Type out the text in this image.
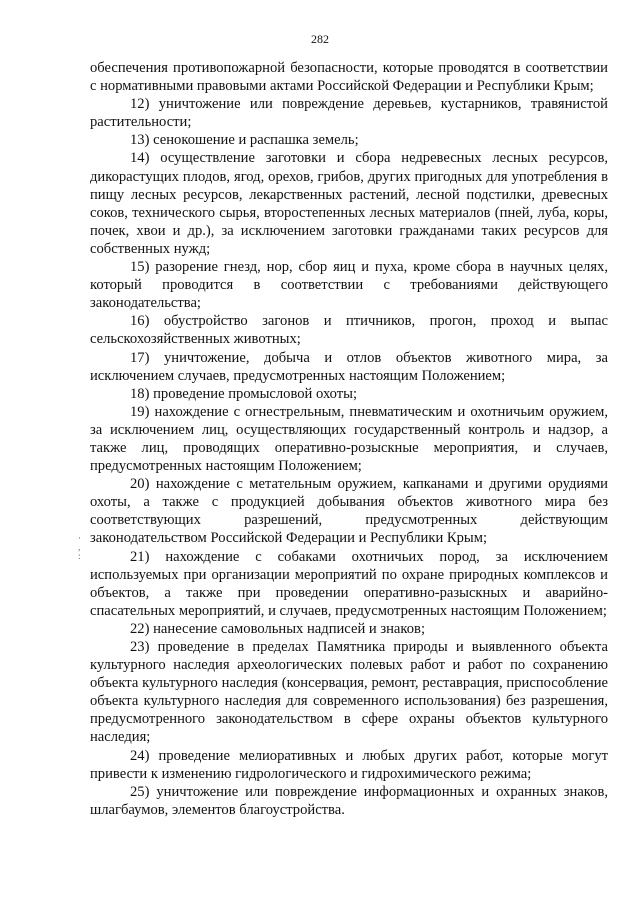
282
·
,
:

обеспечения противопожарной безопасности, которые проводятся в соответствии с нормативными правовыми актами Российской Федерации и Республики Крым;

12) уничтожение или повреждение деревьев, кустарников, травянистой растительности;

13) сенокошение и распашка земель;

14) осуществление заготовки и сбора недревесных лесных ресурсов, дикорастущих плодов, ягод, орехов, грибов, других пригодных для употребления в пищу лесных ресурсов, лекарственных растений, лесной подстилки, древесных соков, технического сырья, второстепенных лесных материалов (пней, луба, коры, почек, хвои и др.), за исключением заготовки гражданами таких ресурсов для собственных нужд;

15) разорение гнезд, нор, сбор яиц и пуха, кроме сбора в научных целях, который проводится в соответствии с требованиями действующего законодательства;

16) обустройство загонов и птичников, прогон, проход и выпас сельскохозяйственных животных;

17) уничтожение, добыча и отлов объектов животного мира, за исключением случаев, предусмотренных настоящим Положением;

18) проведение промысловой охоты;

19) нахождение с огнестрельным, пневматическим и охотничьим оружием, за исключением лиц, осуществляющих государственный контроль и надзор, а также лиц, проводящих оперативно-розыскные мероприятия, и случаев, предусмотренных настоящим Положением;

20) нахождение с метательным оружием, капканами и другими орудиями охоты, а также с продукцией добывания объектов животного мира без соответствующих разрешений, предусмотренных действующим законодательством Российской Федерации и Республики Крым;

21) нахождение с собаками охотничьих пород, за исключением используемых при организации мероприятий по охране природных комплексов и объектов, а также при проведении оперативно-разыскных и аварийно-спасательных мероприятий, и случаев, предусмотренных настоящим Положением;

22) нанесение самовольных надписей и знаков;

23) проведение в пределах Памятника природы и выявленного объекта культурного наследия археологических полевых работ и работ по сохранению объекта культурного наследия (консервация, ремонт, реставрация, приспособление объекта культурного наследия для современного использования) без разрешения, предусмотренного законодательством в сфере охраны объектов культурного наследия;

24) проведение мелиоративных и любых других работ, которые могут привести к изменению гидрологического и гидрохимического режима;

25) уничтожение или повреждение информационных и охранных знаков, шлагбаумов, элементов благоустройства.
